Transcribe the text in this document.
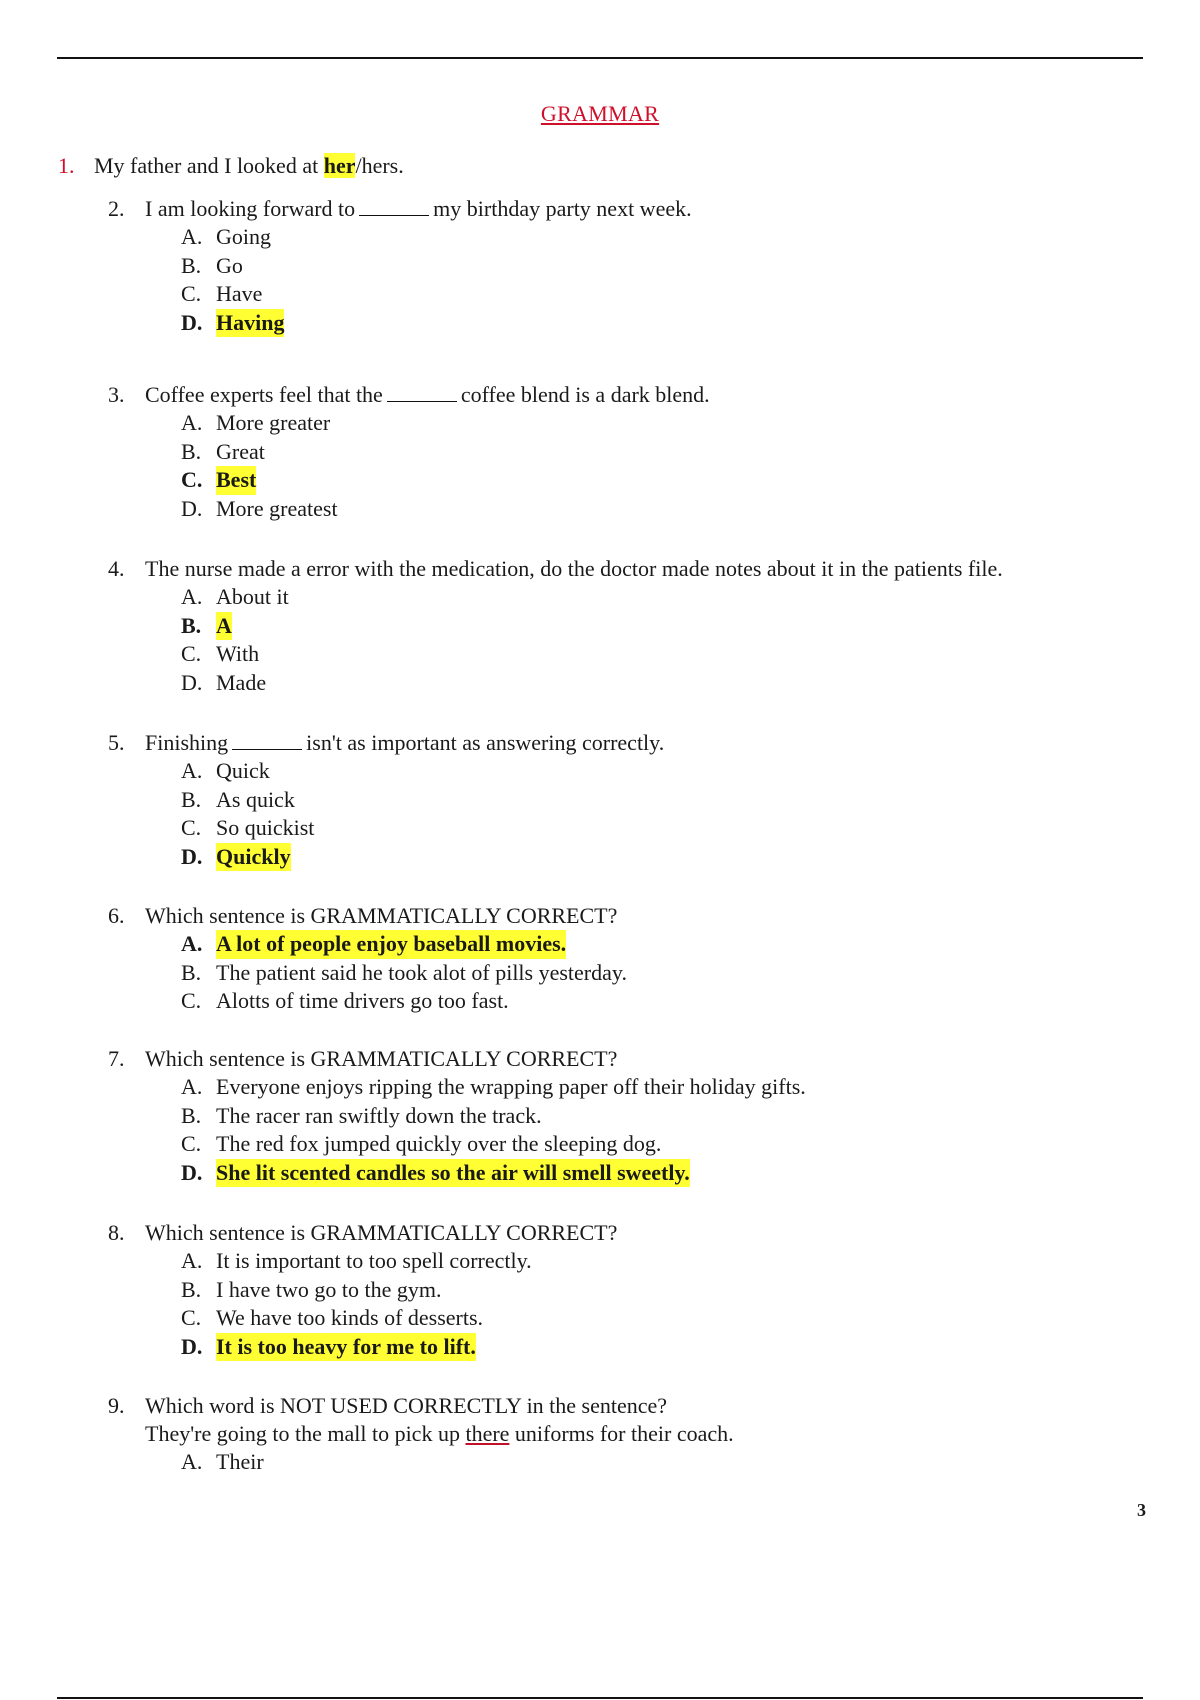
GRAMMAR
1. My father and I looked at her/hers.
2. I am looking forward to	my birthday party next week.
A. Going
B. Go
C. Have
D. Having
3. Coffee experts feel that the	coffee blend is a dark blend.
A. More greater
B. Great
C. Best
D. More greatest
4. The nurse made a error with the medication, do the doctor made notes about it in the patients file.
A. About it
B. A
C. With
D. Made
5. Finishing	isn't as important as answering correctly.
A. Quick
B. As quick
C. So quickist
D. Quickly
6. Which sentence is GRAMMATICALLY CORRECT?
A. A lot of people enjoy baseball movies.
B. The patient said he took alot of pills yesterday.
C. Alotts of time drivers go too fast.
7. Which sentence is GRAMMATICALLY CORRECT?
A. Everyone enjoys ripping the wrapping paper off their holiday gifts.
B. The racer ran swiftly down the track.
C. The red fox jumped quickly over the sleeping dog.
D. She lit scented candles so the air will smell sweetly.
8. Which sentence is GRAMMATICALLY CORRECT?
A. It is important to too spell correctly.
B. I have two go to the gym.
C. We have too kinds of desserts.
D. It is too heavy for me to lift.
9. Which word is NOT USED CORRECTLY in the sentence?
They're going to the mall to pick up there uniforms for their coach.
A. Their
3
